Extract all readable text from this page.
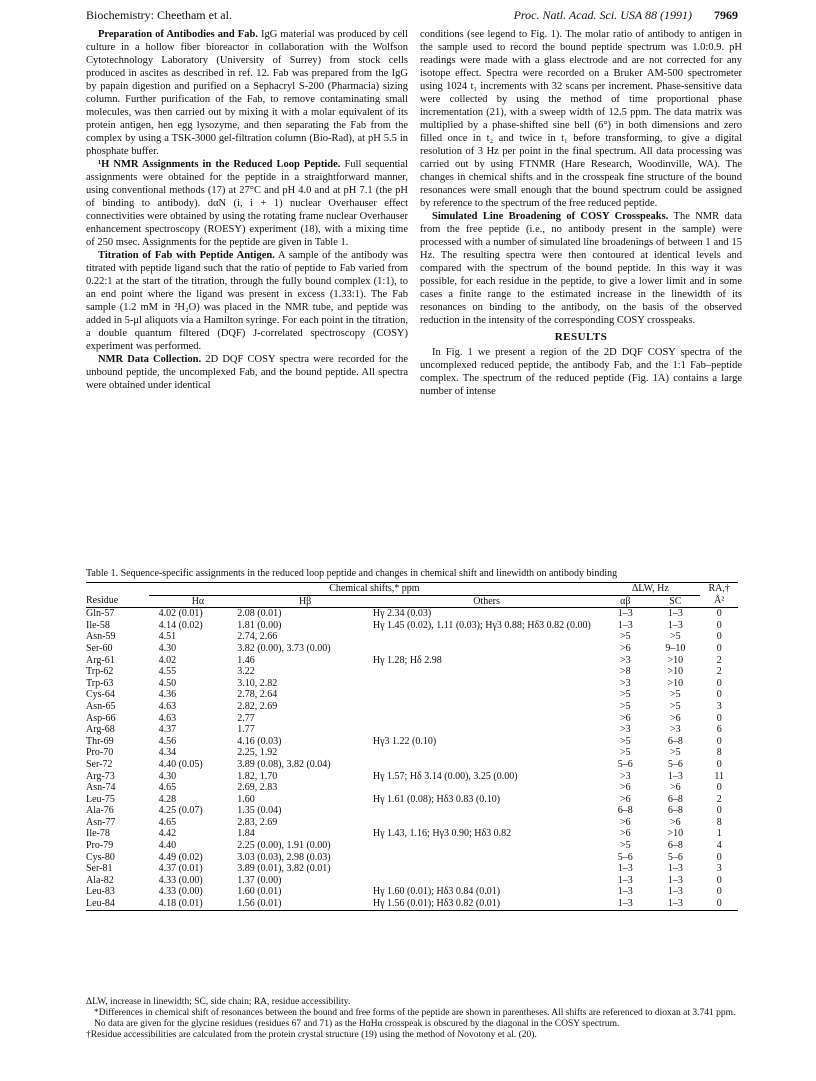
Biochemistry: Cheetham et al.	Proc. Natl. Acad. Sci. USA 88 (1991) 7969

Preparation of Antibodies and Fab. IgG material was produced by cell culture in a hollow fiber bioreactor in collaboration with the Wolfson Cytotechnology Laboratory (University of Surrey) from stock cells produced in ascites as described in ref. 12. Fab was prepared from the IgG by papain digestion and purified on a Sephacryl S-200 (Pharmacia) sizing column. Further purification of the Fab, to remove contaminating small molecules, was then carried out by mixing it with a molar equivalent of its protein antigen, hen egg lysozyme, and then separating the Fab from the complex by using a TSK-3000 gel-filtration column (Bio-Rad), at pH 5.5 in phosphate buffer.

¹H NMR Assignments in the Reduced Loop Peptide. Full sequential assignments were obtained for the peptide in a straightforward manner, using conventional methods (17) at 27°C and pH 4.0 and at pH 7.1 (the pH of binding to antibody). dαN (i, i + 1) nuclear Overhauser effect connectivities were obtained by using the rotating frame nuclear Overhauser enhancement spectroscopy (ROESY) experiment (18), with a mixing time of 250 msec. Assignments for the peptide are given in Table 1.

Titration of Fab with Peptide Antigen. A sample of the antibody was titrated with peptide ligand such that the ratio of peptide to Fab varied from 0.22:1 at the start of the titration, through the fully bound complex (1:1), to an end point where the ligand was present in excess (1.33:1). The Fab sample (1.2 mM in ²H₂O) was placed in the NMR tube, and peptide was added in 5-μl aliquots via a Hamilton syringe. For each point in the titration, a double quantum filtered (DQF) J-correlated spectroscopy (COSY) experiment was performed.

NMR Data Collection. 2D DQF COSY spectra were recorded for the unbound peptide, the uncomplexed Fab, and the bound peptide. All spectra were obtained under identical

conditions (see legend to Fig. 1). The molar ratio of antibody to antigen in the sample used to record the bound peptide spectrum was 1.0:0.9. pH readings were made with a glass electrode and are not corrected for any isotope effect. Spectra were recorded on a Bruker AM-500 spectrometer using 1024 t₁ increments with 32 scans per increment. Phase-sensitive data were collected by using the method of time proportional phase incrementation (21), with a sweep width of 12.5 ppm. The data matrix was multiplied by a phase-shifted sine bell (6°) in both dimensions and zero filled once in t₂ and twice in t₁ before transforming, to give a digital resolution of 3 Hz per point in the final spectrum. All data processing was carried out by using FTNMR (Hare Research, Woodinville, WA). The changes in chemical shifts and in the crosspeak fine structure of the bound resonances were small enough that the bound spectrum could be assigned by reference to the spectrum of the free reduced peptide.

Simulated Line Broadening of COSY Crosspeaks. The NMR data from the free peptide (i.e., no antibody present in the sample) were processed with a number of simulated line broadenings of between 1 and 15 Hz. The resulting spectra were then contoured at identical levels and compared with the spectrum of the bound peptide. In this way it was possible, for each residue in the peptide, to give a lower limit and in some cases a finite range to the estimated increase in the linewidth of its resonances on binding to the antibody, on the basis of the observed reduction in the intensity of the corresponding COSY crosspeaks.

RESULTS

In Fig. 1 we present a region of the 2D DQF COSY spectra of the uncomplexed reduced peptide, the antibody Fab, and the 1:1 Fab–peptide complex. The spectrum of the reduced peptide (Fig. 1A) contains a large number of intense

Table 1. Sequence-specific assignments in the reduced loop peptide and changes in chemical shift and linewidth on antibody binding
	Chemical shifts,* ppm			ΔLW, Hz		RA,†
Residue	Hα	Hβ	Others	αβ	SC	Å²
Gln-57	4.02 (0.01)	2.08 (0.01)	Hγ 2.34 (0.03)	1–3	1–3	0
Ile-58	4.14 (0.02)	1.81 (0.00)	Hγ 1.45 (0.02), 1.11 (0.03); Hγ3 0.88; Hδ3 0.82 (0.00)	1–3	1–3	0
Asn-59	4.51	2.74, 2.66		>5	>5	0
Ser-60	4.30	3.82 (0.00), 3.73 (0.00)		>6	9–10	0
Arg-61	4.02	1.46	Hγ 1.28; Hδ 2.98	>3	>10	2
Trp-62	4.55	3.22		>8	>10	2
Trp-63	4.50	3.10, 2.82		>3	>10	0
Cys-64	4.36	2.78, 2.64		>5	>5	0
Asn-65	4.63	2.82, 2.69		>5	>5	3
Asp-66	4.63	2.77		>6	>6	0
Arg-68	4.37	1.77		>3	>3	6
Thr-69	4.56	4.16 (0.03)	Hγ3 1.22 (0.10)	>5	6–8	0
Pro-70	4.34	2.25, 1.92		>5	>5	8
Ser-72	4.40 (0.05)	3.89 (0.08), 3.82 (0.04)		5–6	5–6	0
Arg-73	4.30	1.82, 1.70	Hγ 1.57; Hδ 3.14 (0.00), 3.25 (0.00)	>3	1–3	11
Asn-74	4.65	2.69, 2.83		>6	>6	0
Leu-75	4.28	1.60	Hγ 1.61 (0.08); Hδ3 0.83 (0.10)	>6	6–8	2
Ala-76	4.25 (0.07)	1.35 (0.04)		6–8	6–8	0
Asn-77	4.65	2.83, 2.69		>6	>6	8
Ile-78	4.42	1.84	Hγ 1.43, 1.16; Hγ3 0.90; Hδ3 0.82	>6	>10	1
Pro-79	4.40	2.25 (0.00), 1.91 (0.00)		>5	6–8	4
Cys-80	4.49 (0.02)	3.03 (0.03), 2.98 (0.03)		5–6	5–6	0
Ser-81	4.37 (0.01)	3.89 (0.01), 3.82 (0.01)		1–3	1–3	3
Ala-82	4.33 (0.00)	1.37 (0.00)		1–3	1–3	0
Leu-83	4.33 (0.00)	1.60 (0.01)	Hγ 1.60 (0.01); Hδ3 0.84 (0.01)	1–3	1–3	0
Leu-84	4.18 (0.01)	1.56 (0.01)	Hγ 1.56 (0.01); Hδ3 0.82 (0.01)	1–3	1–3	0
ΔLW, increase in linewidth; SC, side chain; RA, residue accessibility.
*Differences in chemical shift of resonances between the bound and free forms of the peptide are shown in parentheses. All shifts are referenced to dioxan at 3.741 ppm. No data are given for the glycine residues (residues 67 and 71) as the HαHα crosspeak is obscured by the diagonal in the COSY spectrum.
†Residue accessibilities are calculated from the protein crystal structure (19) using the method of Novotony et al. (20).
